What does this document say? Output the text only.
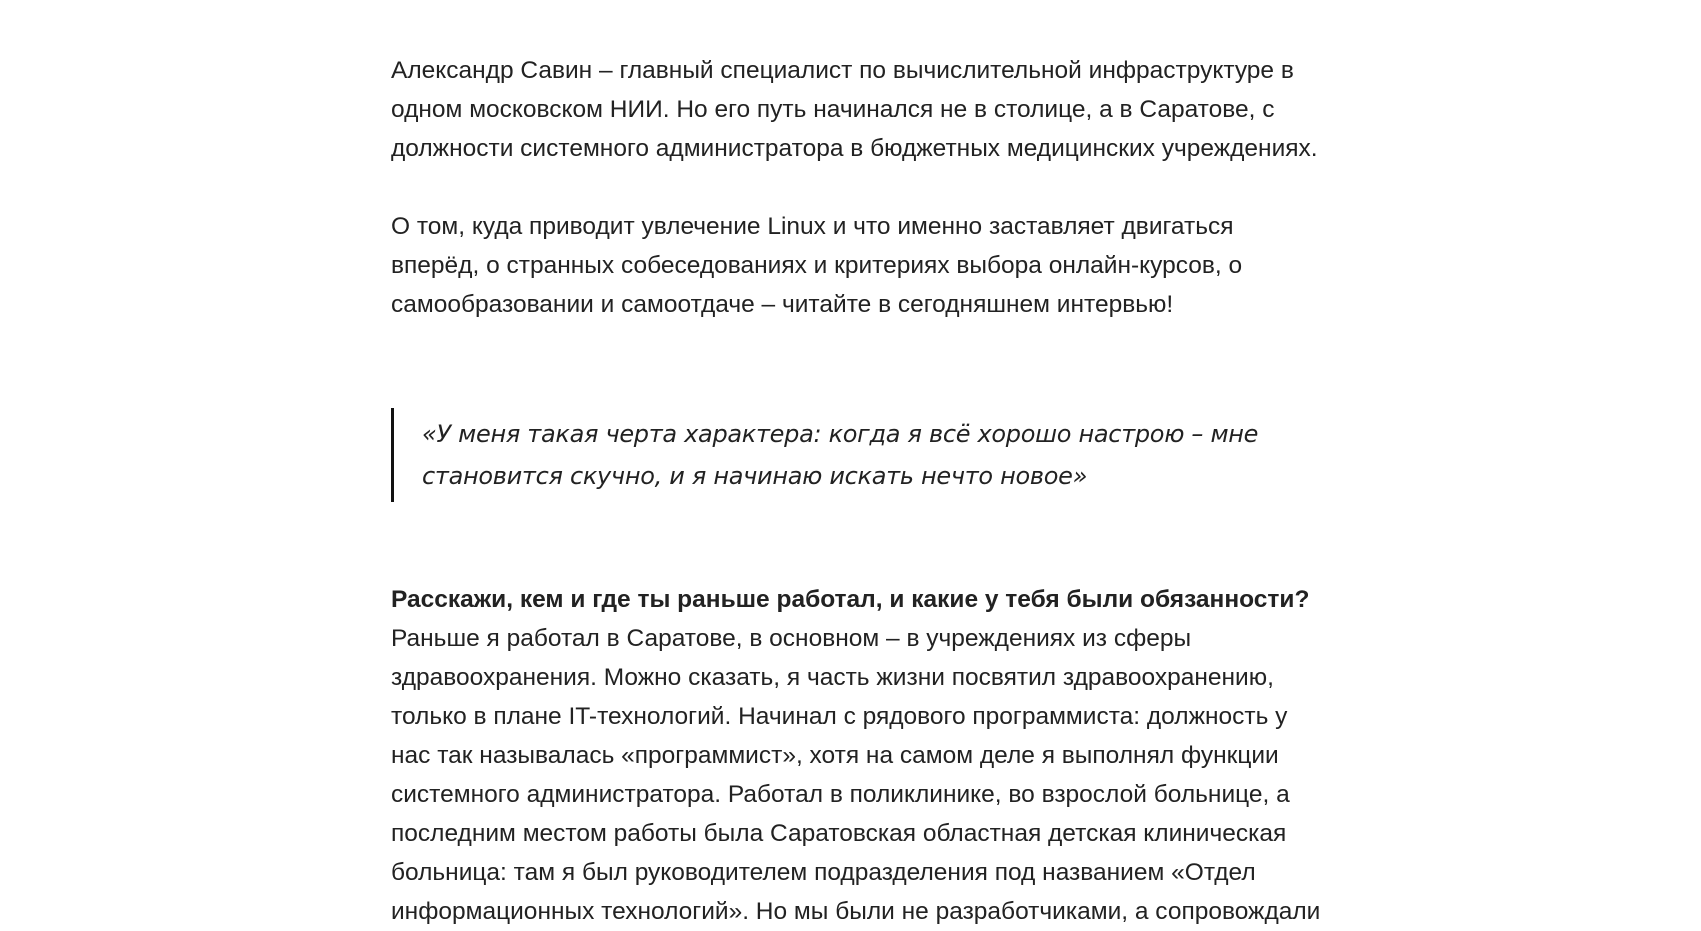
Александр Савин – главный специалист по вычислительной инфраструктуре в
одном московском НИИ. Но его путь начинался не в столице, а в Саратове, с
должности системного администратора в бюджетных медицинских учреждениях.

О том, куда приводит увлечение Linux и что именно заставляет двигаться
вперёд, о странных собеседованиях и критериях выбора онлайн-курсов, о
самообразовании и самоотдаче – читайте в сегодняшнем интервью!

«У меня такая черта характера: когда я всё хорошо настрою – мне
становится скучно, и я начинаю искать нечто новое»

Расскажи, кем и где ты раньше работал, и какие у тебя были обязанности?

Раньше я работал в Саратове, в основном – в учреждениях из сферы
здравоохранения. Можно сказать, я часть жизни посвятил здравоохранению,
только в плане IT-технологий. Начинал с рядового программиста: должность у
нас так называлась «программист», хотя на самом деле я выполнял функции
системного администратора. Работал в поликлинике, во взрослой больнице, а
последним местом работы была Саратовская областная детская клиническая
больница: там я был руководителем подразделения под названием «Отдел
информационных технологий». Но мы были не разработчиками, а сопровождали
